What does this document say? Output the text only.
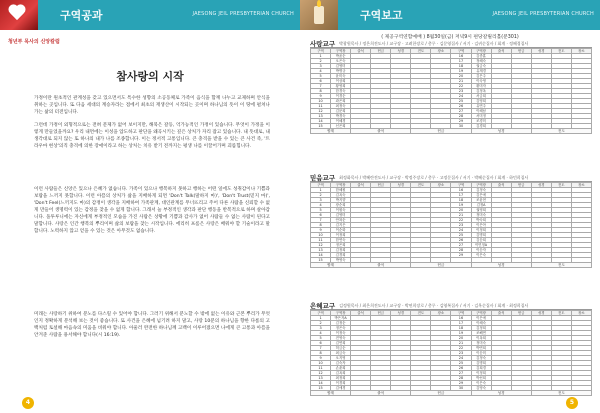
구역공과	JAESONG JEIL PRESBYTERIAN CHURCH
청년부 목사의 신앙칼럼
참사랑의 시작

가정이란 원초적인 관계성을 갖고 있으면서도 특수한 성향의 소공동체로 가족이 음식을 함께 나누고 교제하며 안식을 취하는 곳입니다. 또 다음 세대의 계승자라는 점에서 최초의 재생산이 시작되는 곳이며 하나님의 뜻이 이 땅에 펼쳐나가는 삶의 터전입니다.

그런데 가정이 외형적으로는 전혀 문제가 없어 보이지만, 해묵은 갈등, 억가능적인 가정이 있습니다. 무엇이 가정을 이렇게 만들었을까요? 우리 내면에는 이성을 압도하고 판단을 왜곡시키는 깊은 상처가 자리 잡고 있습니다. 내 뜻대로, 내 생각대로 되지 않는 또 하나의 내가 나를 조종합니다. 이는 정서적 고통입니다. 큰 충격을 받을 수 있는 큰 사건 즉, '트라우마 현상'의직 충격에 의한 장애이라고 하는 상처는 치유 받기 전까지는 평생 나를 이끌어가며 괴롭힙니다.

이런 사람들은 신앙은 있으나 은혜가 없습니다. 가족이 있으나 행복하지 못하고 행하는 어떤 일에도 성취감이나 기쁨과 보람을 느끼지 못합니다. 이런 아픔의 상처가 삶을 지배하게 되면 'Don't Talk(말하지 마)', 'Don't Trust(믿지 마)', 'Don't Feel(느끼지도 마)의 감정이 생각을 지배하여 가족관계, 대인관계를 무너뜨리고 주어 다른 사람을 신뢰할 수 없게 만들어 생명력이 있는 감정을 찾을 수 없게 합니다. 그래서 늘 부정적인 생각과 판단 행동을 반복적으로 하며 살아갑니다. 돌투루니에는 자신에게 부정적인 모습을 가진 사람은 상황에 기쁨과 감사가 없어 사람들 수 없는 사람이 된다고 말합니다. 사랑은 인간 행복의 뿌리이며 삶의 보람을 찾는 시작입니다. 에리히 프롬은 사랑은 배워야 할 기술이라고 말합니다. 노력하지 않고 얻을 수 있는 것은 아무것도 없습니다.

미래는 사랑하기 위하여 분노를 다스릴 수 있어야 합니다. 그러기 위해서 분노할 수 밖에 없는 이유와 근본 뿌리가 무엇인지 정확하게 분석해 보는 것이 좋습니다. 또 사건을 은혜에 넘기려 하지 말고, 사랑 10분의 하나님을 향한 다룸의 고백처럼 토설해 마음속의 미움을 비워야 합니다. 아울러 완전한 하나님께 고백이 이루어졌으면 나에게 큰 고통과 아픔을 안겨준 사람을 용서해야 합니다(시 16:19).

4
구역보고	JAESONG JEIL PRESBYTERIAN CHURCH
( 제공구역연합예배 ) 8월30일(금) 저녁9시 편당갈릴리홀(분301)
사랑교구 박광원목사 / 정은희전도사 / 교구장 · 고려한장로 / 총무 · 김문영집사 / 서기 · 김귀순집사 / 회계 · 정혜경집사
구역	구역장	출석	헌금	성경	전도	장소	구역	구역장	출석	헌금	성경	전도	장소
1	박윤순						16	김종훈					
2	오은숙						17	정혜숙					
3	김영미						18	권금숙					
4	박명규						19	유재경					
5	윤미숙						20	김은주					
6	이상희						21	이숙영					
7	황영희						22	황미자					
8	한경숙						23	김정옥					
9	이경순						24	서금희					
10	곽은희						25	김영희					
11	최정숙						26	유연주					
12	김문희						27	이혜남					
13	박경숙						28	서미정					
14	이혜경						29	조경미					
15	신은희						30	김경희					
합계		출석			헌금			성경			전도		
믿음교구 최정화목사 / 박혜란전도사 / 교구장 · 박정주장로 / 총무 · 고정문집사 / 서기 · 박혜순집사 / 회계 · 하민희집사
구역	구역장	출석	헌금	성경	전도	장소	구역	구역장	출석	헌금	성경	전도	장소
1	한혜원						16	김정숙					
2	김옥숙						17	김은애					
3	박지향						18	조윤현					
4	장순희						19	김정A					
5	이원숙						20	권영희					
6	김영미						21	정미숙					
7	안복순						22	박숙희					
8	김지은						23	이은아					
9	이순화						24	이정희					
10	이정희						25	김명희					
11	한연숙						26	김순희					
12	정은희						27	이민정A					
13	김정희						28	이순자					
14	김경희						29	이은숙					
15	박영숙												
합계		출석			헌금			성경			전도		
은혜교구 김정원목사 / 최은희전도사 / 교구장 · 박연희장로 / 총무 · 김영복집사 / 서기 · 김옥순집사 / 회계 · 최정희집사
구역	구역장	출석	헌금	성경	전도	장소	구역	구역장	출석	헌금	성경	전도	장소
1	박은자A						16	이은애					
2	김정순						17	이혜숙					
3	정은숙						18	김정희					
4	이정숙						19	조해연					
5	전영숙						20	이옥희					
6	김연희						21	정미숙					
7	허금순						22	박연희					
8	최금숙						23	이순미					
9	오지영						24	김정숙					
10	김숙자						25	김명희					
11	손춘희						26	김희경					
12	김옥희						27	이정희					
13	최정희						28	박선희					
14	이경희						29	이은숙					
15	김애경						30	김영숙					
합계		출석			헌금			성경			전도		
5
